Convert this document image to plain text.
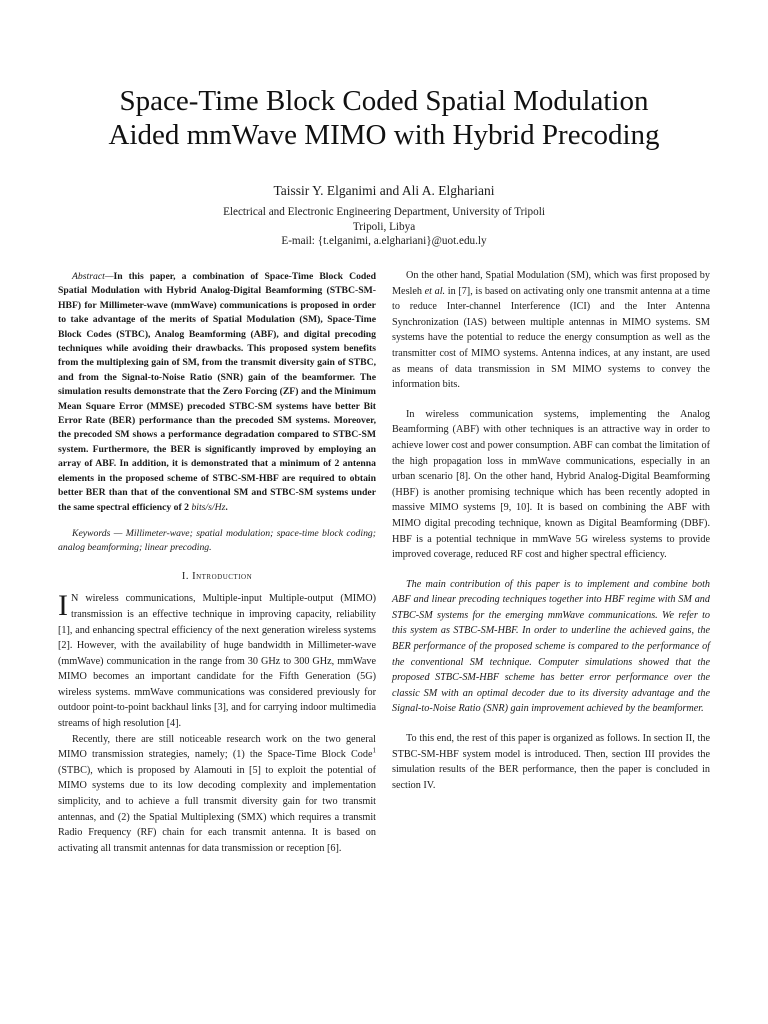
Space-Time Block Coded Spatial Modulation
Aided mmWave MIMO with Hybrid Precoding
Taissir Y. Elganimi and Ali A. Elghariani
Electrical and Electronic Engineering Department, University of Tripoli
Tripoli, Libya
E-mail: {t.elganimi, a.elghariani}@uot.edu.ly

Abstract—In this paper, a combination of Space-Time Block Coded Spatial Modulation with Hybrid Analog-Digital Beamforming (STBC-SM-HBF) for Millimeter-wave (mmWave) communications is proposed in order to take advantage of the merits of Spatial Modulation (SM), Space-Time Block Codes (STBC), Analog Beamforming (ABF), and digital precoding techniques while avoiding their drawbacks. This proposed system benefits from the multiplexing gain of SM, from the transmit diversity gain of STBC, and from the Signal-to-Noise Ratio (SNR) gain of the beamformer. The simulation results demonstrate that the Zero Forcing (ZF) and the Minimum Mean Square Error (MMSE) precoded STBC-SM systems have better Bit Error Rate (BER) performance than the precoded SM systems. Moreover, the precoded SM shows a performance degradation compared to STBC-SM system. Furthermore, the BER is significantly improved by employing an array of ABF. In addition, it is demonstrated that a minimum of 2 antenna elements in the proposed scheme of STBC-SM-HBF are required to obtain better BER than that of the conventional SM and STBC-SM systems under the same spectral efficiency of 2 bits/s/Hz.

Keywords — Millimeter-wave; spatial modulation; space-time block coding; analog beamforming; linear precoding.

I. Introduction

I N wireless communications, Multiple-input Multiple-output (MIMO) transmission is an effective technique in improving capacity, reliability [1], and enhancing spectral efficiency of the next generation wireless systems [2]. However, with the availability of huge bandwidth in Millimeter-wave (mmWave) communication in the range from 30 GHz to 300 GHz, mmWave MIMO becomes an important candidate for the Fifth Generation (5G) wireless systems. mmWave communications was considered previously for outdoor point-to-point backhaul links [3], and for carrying indoor multimedia streams of high resolution [4].

Recently, there are still noticeable research work on the two general MIMO transmission strategies, namely; (1) the Space-Time Block Code$^1$ (STBC), which is proposed by Alamouti in [5] to exploit the potential of MIMO systems due to its low decoding complexity and implementation simplicity, and to achieve a full transmit diversity gain for two transmit antennas, and (2) the Spatial Multiplexing (SMX) which requires a transmit Radio Frequency (RF) chain for each transmit antenna. It is based on activating all transmit antennas for data transmission or reception [6].

On the other hand, Spatial Modulation (SM), which was first proposed by Mesleh et al. in [7], is based on activating only one transmit antenna at a time to reduce Inter-channel Interference (ICI) and the Inter Antenna Synchronization (IAS) between multiple antennas in MIMO systems. SM systems have the potential to reduce the energy consumption as well as the transmitter cost of MIMO systems. Antenna indices, at any instant, are used as means of data transmission in SM MIMO systems to convey the information bits.

In wireless communication systems, implementing the Analog Beamforming (ABF) with other techniques is an attractive way in order to achieve lower cost and power consumption. ABF can combat the limitation of the high propagation loss in mmWave communications, especially in an urban scenario [8]. On the other hand, Hybrid Analog-Digital Beamforming (HBF) is another promising technique which has been recently adopted in massive MIMO systems [9, 10]. It is based on combining the ABF with MIMO digital precoding technique, known as Digital Beamforming (DBF). HBF is a potential technique in mmWave 5G wireless systems to provide improved coverage, reduced RF cost and higher spectral efficiency.

The main contribution of this paper is to implement and combine both ABF and linear precoding techniques together into HBF regime with SM and STBC-SM systems for the emerging mmWave communications. We refer to this system as STBC-SM-HBF. In order to underline the achieved gains, the BER performance of the proposed scheme is compared to the performance of the conventional SM technique. Computer simulations showed that the proposed STBC-SM-HBF scheme has better error performance over the classic SM with an optimal decoder due to its diversity advantage and the Signal-to-Noise Ratio (SNR) gain improvement achieved by the beamformer.

To this end, the rest of this paper is organized as follows. In section II, the STBC-SM-HBF system model is introduced. Then, section III provides the simulation results of the BER performance, then the paper is concluded in section IV.
